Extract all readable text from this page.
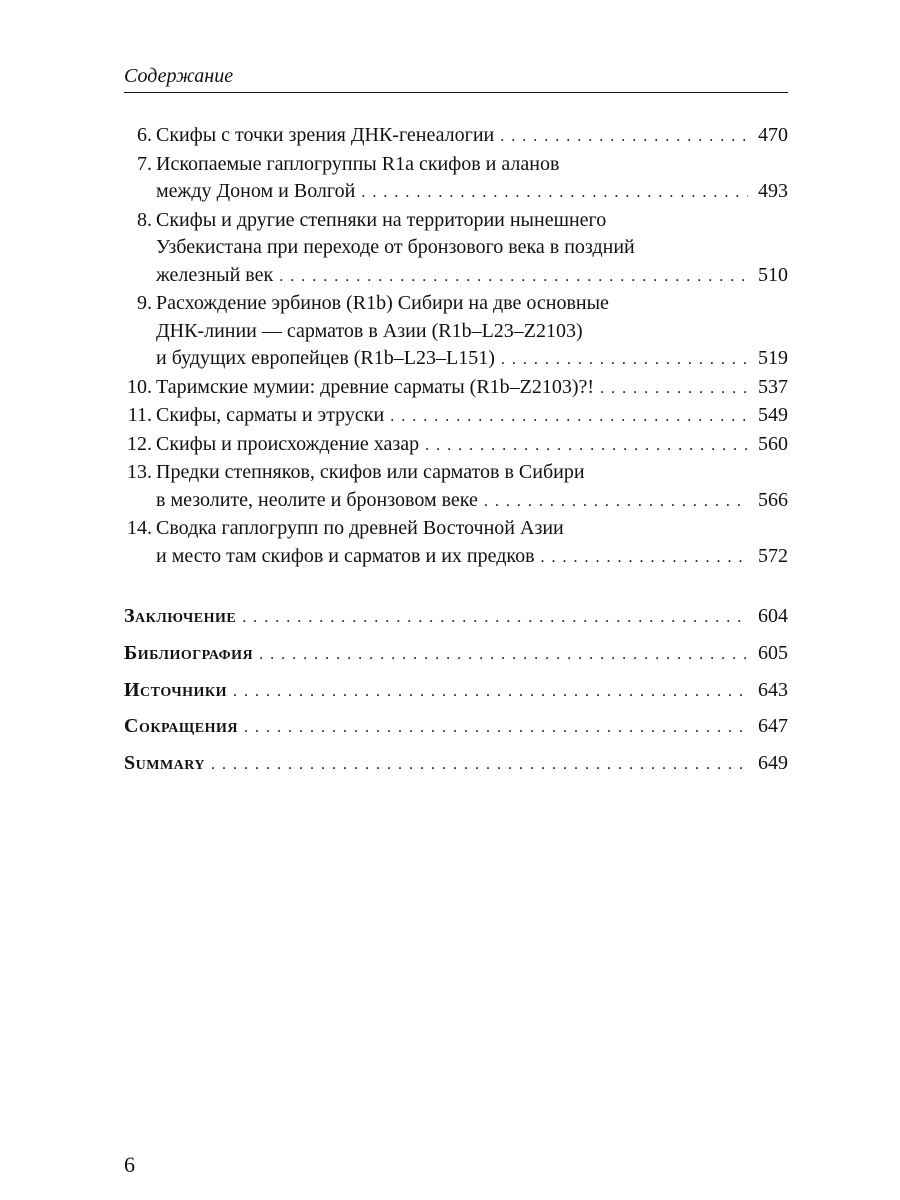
Содержание
6. Скифы с точки зрения ДНК-генеалогии . . .	470
7. Ископаемые гаплогруппы R1a скифов и аланов
между Доном и Волгой . . .	493
8. Скифы и другие степняки на территории нынешнего
Узбекистана при переходе от бронзового века в поздний
железный век . . .	510
9. Расхождение эрбинов (R1b) Сибири на две основные
ДНК-линии — сарматов в Азии (R1b–L23–Z2103)
и будущих европейцев (R1b–L23–L151) . . .	519
10. Таримские мумии: древние сарматы (R1b–Z2103)?! . . .	537
11. Скифы, сарматы и этруски . . .	549
12. Скифы и происхождение хазар . . .	560
13. Предки степняков, скифов или сарматов в Сибири
в мезолите, неолите и бронзовом веке . . .	566
14. Сводка гаплогрупп по древней Восточной Азии
и место там скифов и сарматов и их предков . . .	572
Заключение . . .	604
Библиография . . .	605
Источники . . .	643
Сокращения . . .	647
Summary . . .	649
6
